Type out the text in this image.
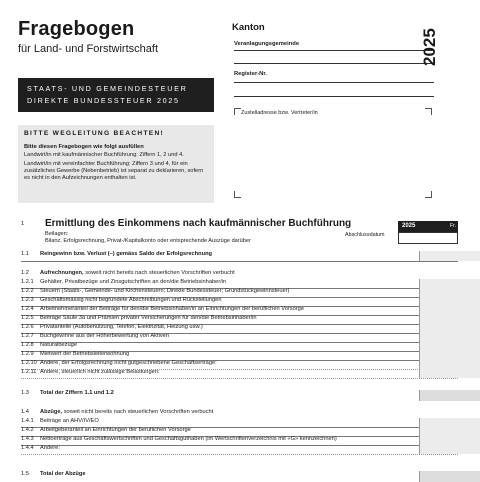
Fragebogen
für Land- und Forstwirtschaft
STAATS- UND GEMEINDESTEUER
DIREKTE BUNDESSTEUER 2025
Kanton
Veranlagungsgemeinde
Register-Nr.
2025
Zustelladresse bzw. Vertreter/in
BITTE WEGLEITUNG BEACHTEN!
Bitte diesen Fragebogen wie folgt ausfüllen

Landwirt/in mit kaufmännischer Buchführung: Ziffern 1, 2 und 4.

Landwirt/in mit vereinfachter Buchführung: Ziffern 3 und 4, für ein zusätzliches Gewerbe (Nebenbetrieb) ist separat zu deklarieren, sofern es nicht in den Aufzeichnungen enthalten ist.

1 Ermittlung des Einkommens nach kaufmännischer Buchführung
Beilagen:
Bilanz, Erfolgsrechnung, Privat-/Kapitalkonto oder entsprechende Auszüge darüber
2025	Fr.
Abschlussdatum
1.1 Reingewinn bzw. Verlust (–) gemäss Saldo der Erfolgsrechnung
1.2 Aufrechnungen, soweit nicht bereits nach steuerlichen Vorschriften verbucht
1.2.1 Gehälter, Privatbezüge und Zinsgutschriften an den/die Betriebsinhaber/in
1.2.2 Steuern (Staats-, Gemeinde- und Kirchensteuern; Direkte Bundessteuer; Grundstückgewinnsteuer)
1.2.3 Geschäftsmässig nicht begründete Abschreibungen und Rückstellungen
1.2.4 Arbeitnehmeranteil der Beiträge für den/die Betriebsinhaber/in an Einrichtungen der beruflichen Vorsorge
1.2.5 Beiträge Säule 3a und Prämien privater Versicherungen für den/die Betriebsinhaber/in
1.2.6 Privatanteile (Autobenützung, Telefon, Elektrizität, Heizung usw.)
1.2.7 Buchgewinne aus der Höherbewertung von Aktiven
1.2.8 Naturalbezüge
1.2.9 Mietwert der Betriebsleiterwohnung
1.2.10 Andere, der Erfolgsrechnung nicht gutgeschriebene Geschäftserträge:
1.2.11 Andere, steuerlich nicht zulässige Belastungen:
1.3 Total der Ziffern 1.1 und 1.2
1.4 Abzüge, soweit nicht bereits nach steuerlichen Vorschriften verbucht
1.4.1 Beiträge an AHV/IV/EO
1.4.2 Arbeitgeberanteil an Einrichtungen der beruflichen Vorsorge
1.4.3 Nettoerträge aus Geschäftswertschriften und Geschäftsguthaben (im Wertschriftenverzeichnis mit «G» kennzeichnen)
1.4.4 Andere:
1.5 Total der Abzüge
